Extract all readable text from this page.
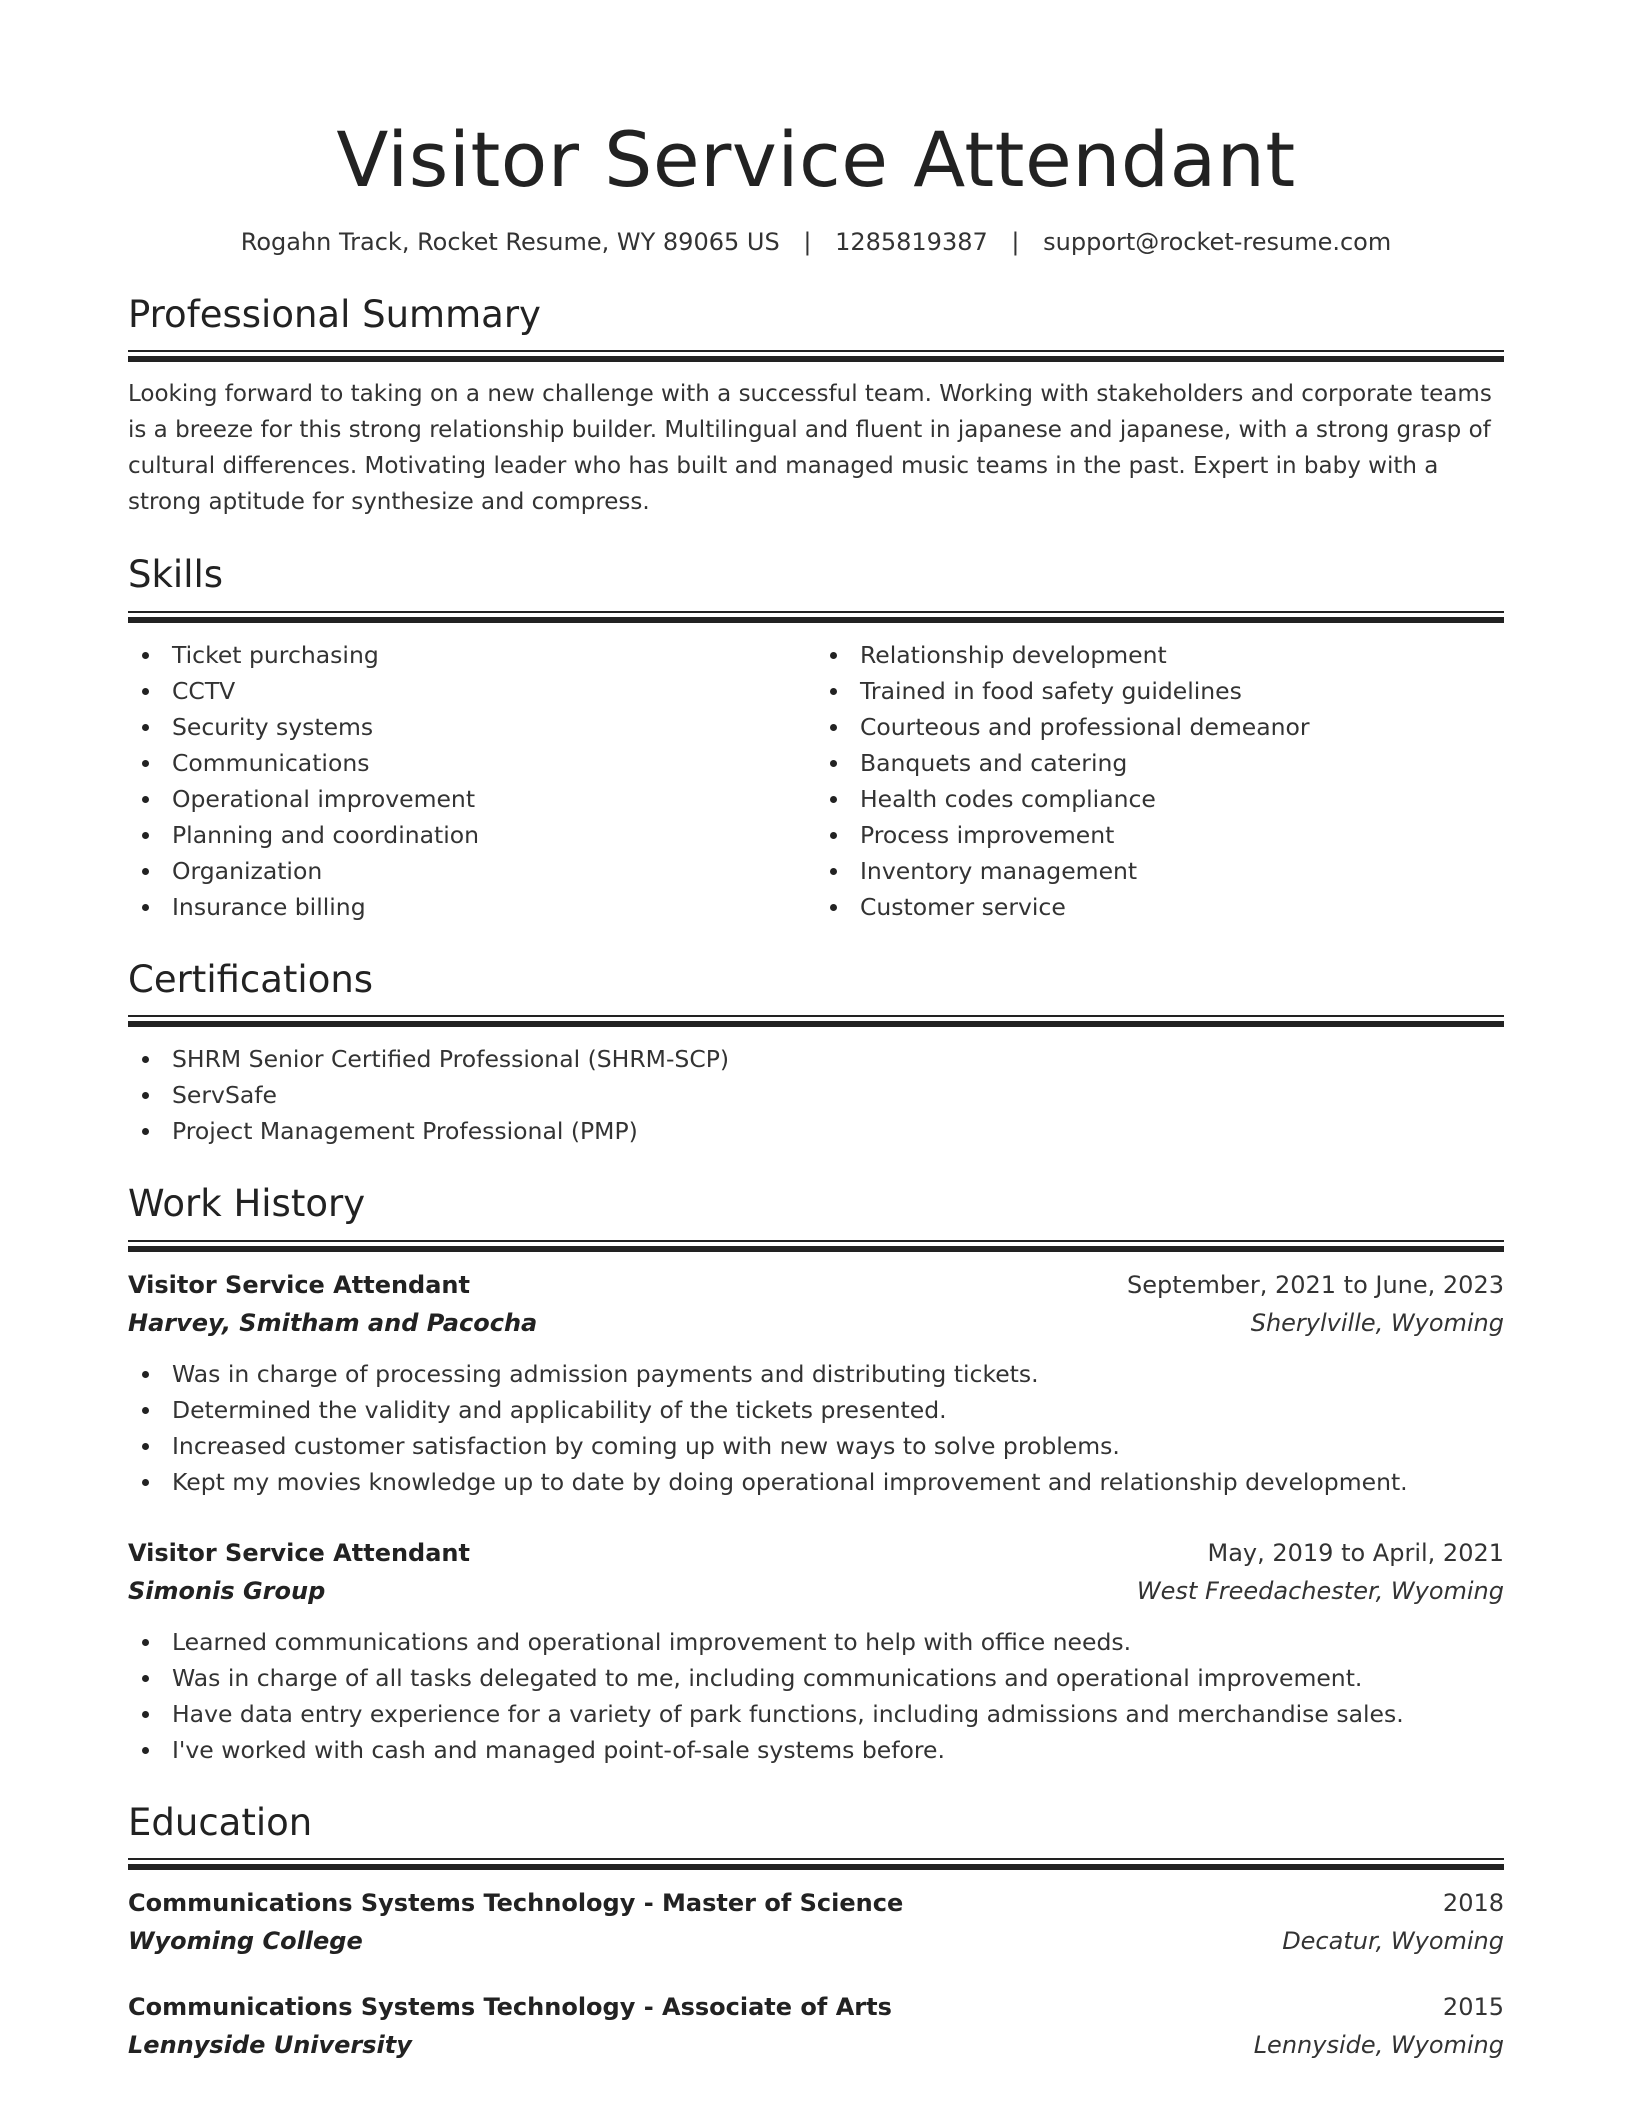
Visitor Service Attendant
Rogahn Track, Rocket Resume, WY 89065 US | 1285819387 | support@rocket-resume.com
Professional Summary

Looking forward to taking on a new challenge with a successful team. Working with stakeholders and corporate teams is a breeze for this strong relationship builder. Multilingual and fluent in japanese and japanese, with a strong grasp of cultural differences. Motivating leader who has built and managed music teams in the past. Expert in baby with a strong aptitude for synthesize and compress.

Skills
Ticket purchasing
CCTV
Security systems
Communications
Operational improvement
Planning and coordination
Organization
Insurance billing
Relationship development
Trained in food safety guidelines
Courteous and professional demeanor
Banquets and catering
Health codes compliance
Process improvement
Inventory management
Customer service
Certifications
SHRM Senior Certified Professional (SHRM-SCP)
ServSafe
Project Management Professional (PMP)
Work History
Visitor Service Attendant	September, 2021 to June, 2023
Harvey, Smitham and Pacocha	Sherylville, Wyoming
Was in charge of processing admission payments and distributing tickets.
Determined the validity and applicability of the tickets presented.
Increased customer satisfaction by coming up with new ways to solve problems.
Kept my movies knowledge up to date by doing operational improvement and relationship development.
Visitor Service Attendant	May, 2019 to April, 2021
Simonis Group	West Freedachester, Wyoming
Learned communications and operational improvement to help with office needs.
Was in charge of all tasks delegated to me, including communications and operational improvement.
Have data entry experience for a variety of park functions, including admissions and merchandise sales.
I've worked with cash and managed point-of-sale systems before.
Education
Communications Systems Technology - Master of Science	2018
Wyoming College	Decatur, Wyoming
Communications Systems Technology - Associate of Arts	2015
Lennyside University	Lennyside, Wyoming
